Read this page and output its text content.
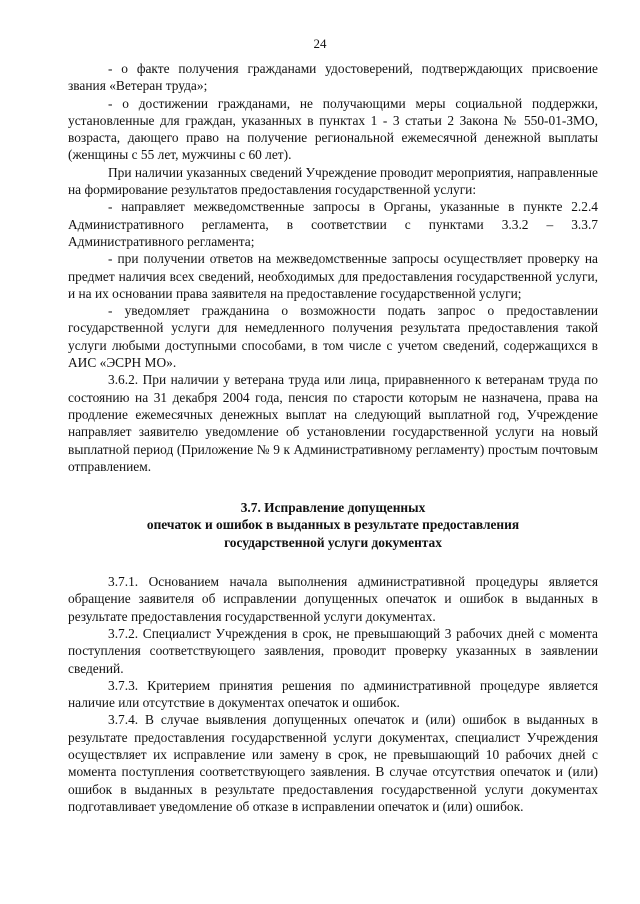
24

- о факте получения гражданами удостоверений, подтверждающих присвоение звания «Ветеран труда»;

- о достижении гражданами, не получающими меры социальной поддержки, установленные для граждан, указанных в пунктах 1 - 3 статьи 2 Закона № 550-01-ЗМО, возраста, дающего право на получение региональной ежемесячной денежной выплаты (женщины с 55 лет, мужчины с 60 лет).

При наличии указанных сведений Учреждение проводит мероприятия, направленные на формирование результатов предоставления государственной услуги:

- направляет межведомственные запросы в Органы, указанные в пункте 2.2.4 Административного регламента, в соответствии с пунктами 3.3.2 – 3.3.7 Административного регламента;

- при получении ответов на межведомственные запросы осуществляет проверку на предмет наличия всех сведений, необходимых для предоставления государственной услуги, и на их основании права заявителя на предоставление государственной услуги;

- уведомляет гражданина о возможности подать запрос о предоставлении государственной услуги для немедленного получения результата предоставления такой услуги любыми доступными способами, в том числе с учетом сведений, содержащихся в АИС «ЭСРН МО».

3.6.2. При наличии у ветерана труда или лица, приравненного к ветеранам труда по состоянию на 31 декабря 2004 года, пенсия по старости которым не назначена, права на продление ежемесячных денежных выплат на следующий выплатной год, Учреждение направляет заявителю уведомление об установлении государственной услуги на новый выплатной период (Приложение № 9 к Административному регламенту) простым почтовым отправлением.

3.7. Исправление допущенных
опечаток и ошибок в выданных в результате предоставления
государственной услуги документах

3.7.1. Основанием начала выполнения административной процедуры является обращение заявителя об исправлении допущенных опечаток и ошибок в выданных в результате предоставления государственной услуги документах.

3.7.2. Специалист Учреждения в срок, не превышающий 3 рабочих дней с момента поступления соответствующего заявления, проводит проверку указанных в заявлении сведений.

3.7.3. Критерием принятия решения по административной процедуре является наличие или отсутствие в документах опечаток и ошибок.

3.7.4. В случае выявления допущенных опечаток и (или) ошибок в выданных в результате предоставления государственной услуги документах, специалист Учреждения осуществляет их исправление или замену в срок, не превышающий 10 рабочих дней с момента поступления соответствующего заявления. В случае отсутствия опечаток и (или) ошибок в выданных в результате предоставления государственной услуги документах подготавливает уведомление об отказе в исправлении опечаток и (или) ошибок.
